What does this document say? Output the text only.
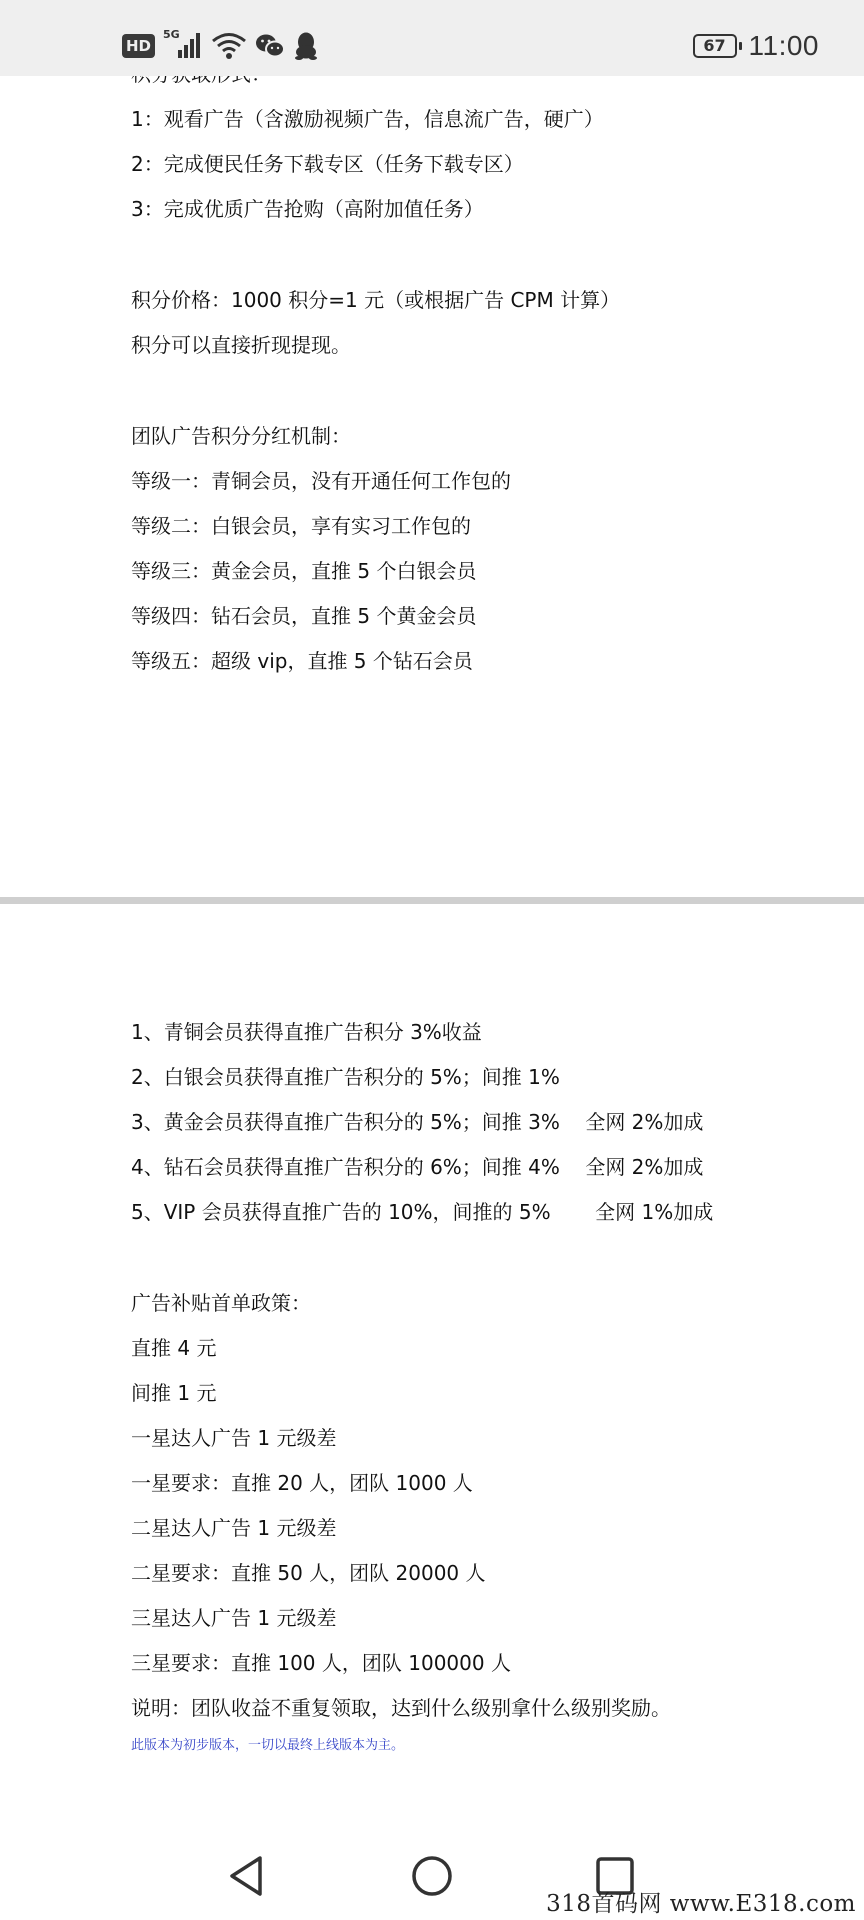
HD
5G
67 11:00
1：观看广告（含激励视频广告，信息流广告，硬广）
2：完成便民任务下载专区（任务下载专区）
3：完成优质广告抢购（高附加值任务）
积分价格：1000 积分=1 元（或根据广告 CPM 计算）
积分可以直接折现提现。
团队广告积分分红机制：
等级一：青铜会员，没有开通任何工作包的
等级二：白银会员，享有实习工作包的
等级三：黄金会员，直推 5 个白银会员
等级四：钻石会员，直推 5 个黄金会员
等级五：超级 vip，直推 5 个钻石会员
1、青铜会员获得直推广告积分 3%收益
2、白银会员获得直推广告积分的 5%；间推 1%
3、黄金会员获得直推广告积分的 5%；间推 3%    全网 2%加成
4、钻石会员获得直推广告积分的 6%；间推 4%    全网 2%加成
5、VIP 会员获得直推广告的 10%，间推的 5%       全网 1%加成
广告补贴首单政策：
直推 4 元
间推 1 元
一星达人广告 1 元级差
一星要求：直推 20 人，团队 1000 人
二星达人广告 1 元级差
二星要求：直推 50 人，团队 20000 人
三星达人广告 1 元级差
三星要求：直推 100 人，团队 100000 人
说明：团队收益不重复领取，达到什么级别拿什么级别奖励。
此版本为初步版本，一切以最终上线版本为主。
318首码网 www.E318.com
